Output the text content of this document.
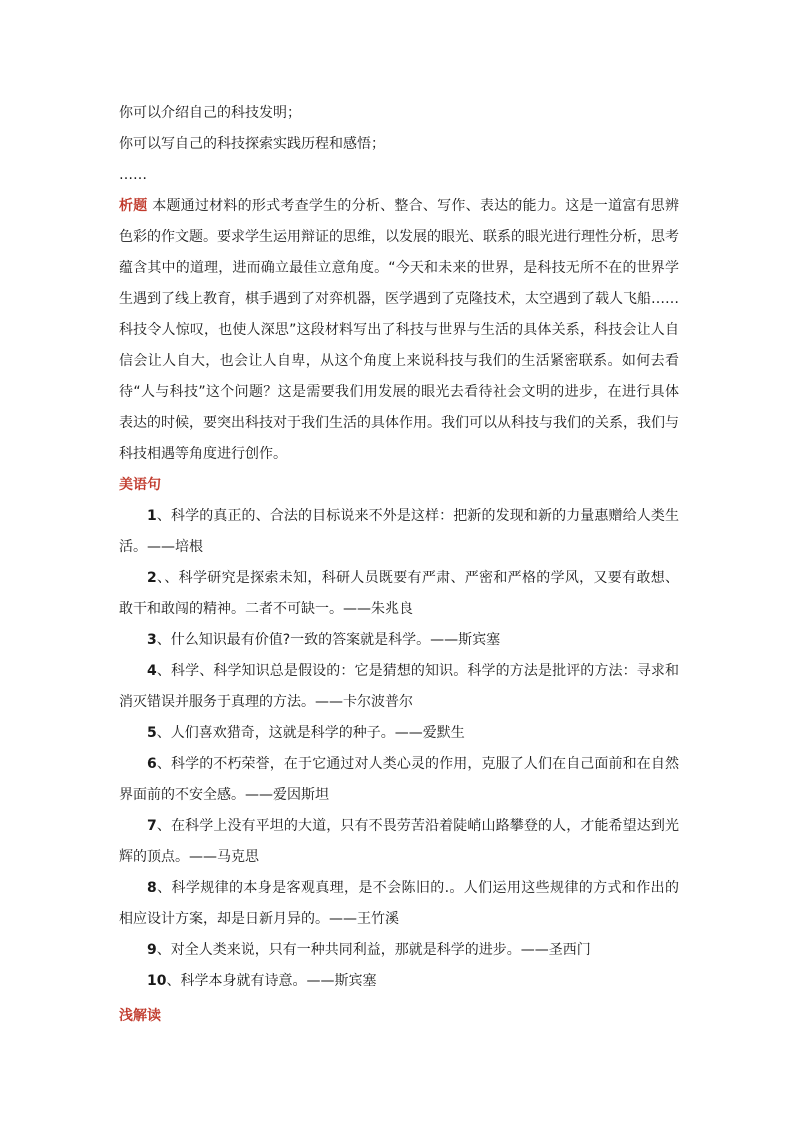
你可以介绍自己的科技发明；

你可以写自己的科技探索实践历程和感悟；

……

析题 本题通过材料的形式考查学生的分析、整合、写作、表达的能力。这是一道富有思辨色彩的作文题。要求学生运用辩证的思维，以发展的眼光、联系的眼光进行理性分析，思考蕴含其中的道理，进而确立最佳立意角度。“今天和未来的世界，是科技无所不在的世界学生遇到了线上教育，棋手遇到了对弈机器，医学遇到了克隆技术，太空遇到了载人飞船……科技令人惊叹，也使人深思”这段材料写出了科技与世界与生活的具体关系，科技会让人自信会让人自大，也会让人自卑，从这个角度上来说科技与我们的生活紧密联系。如何去看待“人与科技”这个问题？这是需要我们用发展的眼光去看待社会文明的进步，在进行具体表达的时候，要突出科技对于我们生活的具体作用。我们可以从科技与我们的关系，我们与科技相遇等角度进行创作。

美语句

1、科学的真正的、合法的目标说来不外是这样：把新的发现和新的力量惠赠给人类生活。——培根

2、、科学研究是探索未知，科研人员既要有严肃、严密和严格的学风，又要有敢想、敢干和敢闯的精神。二者不可缺一。——朱兆良

3、什么知识最有价值?一致的答案就是科学。——斯宾塞

4、科学、科学知识总是假设的：它是猜想的知识。科学的方法是批评的方法：寻求和消灭错误并服务于真理的方法。——卡尔波普尔

5、人们喜欢猎奇，这就是科学的种子。——爱默生

6、科学的不朽荣誉，在于它通过对人类心灵的作用，克服了人们在自己面前和在自然界面前的不安全感。——爱因斯坦

7、在科学上没有平坦的大道，只有不畏劳苦沿着陡峭山路攀登的人，才能希望达到光辉的顶点。——马克思

8、科学规律的本身是客观真理，是不会陈旧的.。人们运用这些规律的方式和作出的相应设计方案，却是日新月异的。——王竹溪

9、对全人类来说，只有一种共同利益，那就是科学的进步。——圣西门

10、科学本身就有诗意。——斯宾塞

浅解读
